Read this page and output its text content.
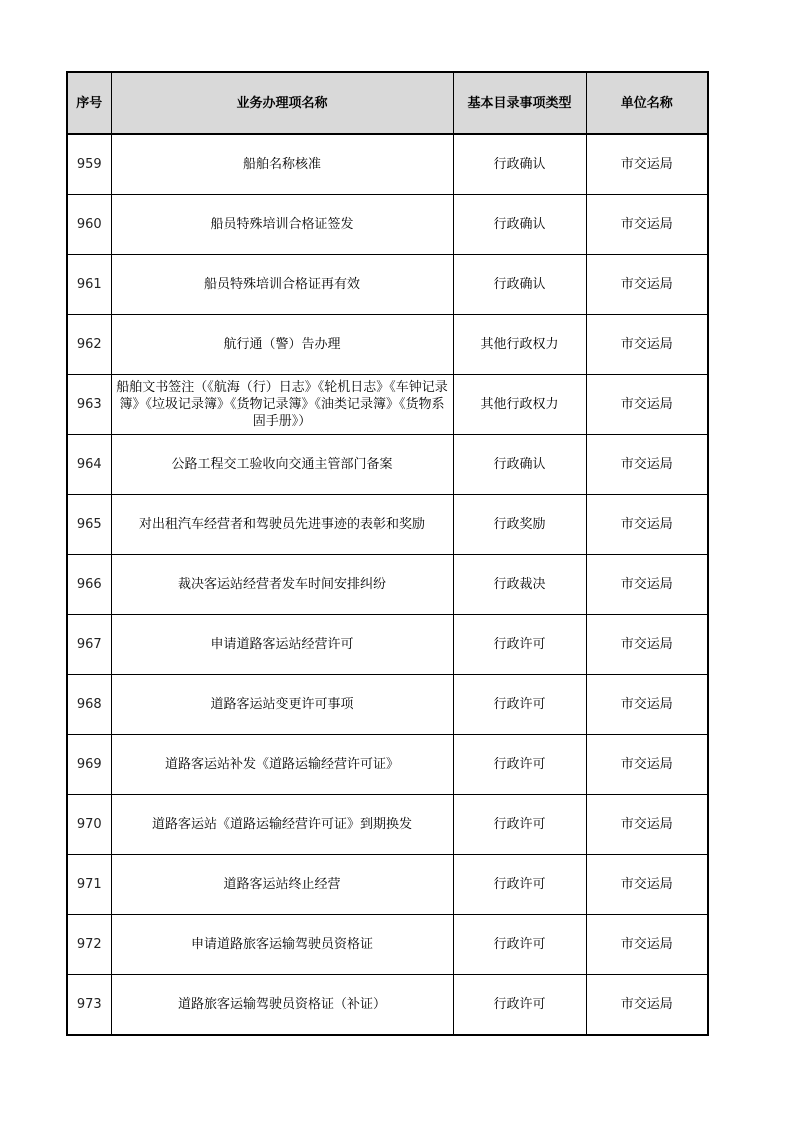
序号	业务办理项名称	基本目录事项类型	单位名称
959	船舶名称核准	行政确认	市交运局
960	船员特殊培训合格证签发	行政确认	市交运局
961	船员特殊培训合格证再有效	行政确认	市交运局
962	航行通（警）告办理	其他行政权力	市交运局
963	船舶文书签注（《航海（行）日志》《轮机日志》《车钟记录簿》《垃圾记录簿》《货物记录簿》《油类记录簿》《货物系固手册》）	其他行政权力	市交运局
964	公路工程交工验收向交通主管部门备案	行政确认	市交运局
965	对出租汽车经营者和驾驶员先进事迹的表彰和奖励	行政奖励	市交运局
966	裁决客运站经营者发车时间安排纠纷	行政裁决	市交运局
967	申请道路客运站经营许可	行政许可	市交运局
968	道路客运站变更许可事项	行政许可	市交运局
969	道路客运站补发《道路运输经营许可证》	行政许可	市交运局
970	道路客运站《道路运输经营许可证》到期换发	行政许可	市交运局
971	道路客运站终止经营	行政许可	市交运局
972	申请道路旅客运输驾驶员资格证	行政许可	市交运局
973	道路旅客运输驾驶员资格证（补证）	行政许可	市交运局
